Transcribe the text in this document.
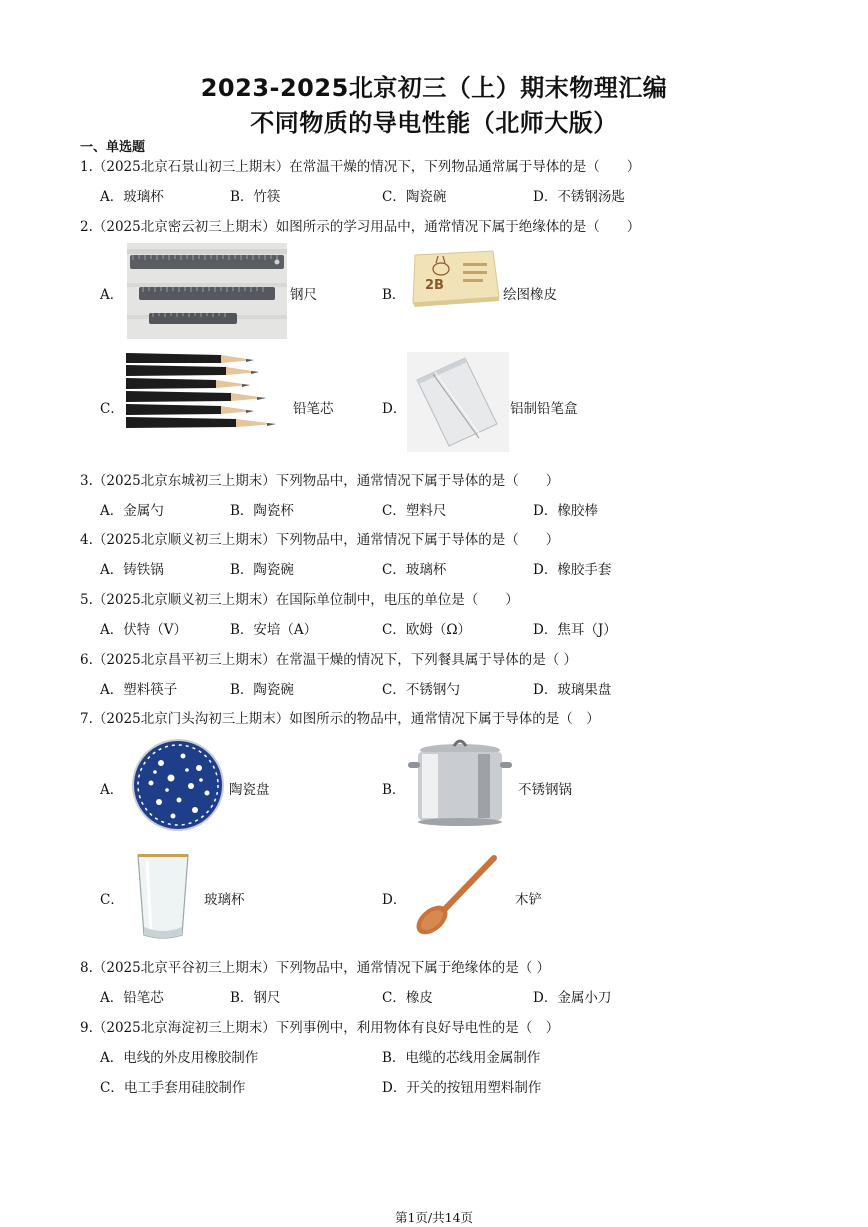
2023-2025北京初三（上）期末物理汇编
不同物质的导电性能（北师大版）
一、单选题
1.（2025北京石景山初三上期末）在常温干燥的情况下，下列物品通常属于导体的是（　　）
A．玻璃杯	B．竹筷	C．陶瓷碗	D．不锈钢汤匙
2.（2025北京密云初三上期末）如图所示的学习用品中，通常情况下属于绝缘体的是（　　）
A．	钢尺	B．
2B
绘图橡皮
C．	铅笔芯	D．	铝制铅笔盒
3.（2025北京东城初三上期末）下列物品中，通常情况下属于导体的是（　　）
A．金属勺	B．陶瓷杯	C．塑料尺	D．橡胶棒
4.（2025北京顺义初三上期末）下列物品中，通常情况下属于导体的是（　　）
A．铸铁锅	B．陶瓷碗	C．玻璃杯	D．橡胶手套
5.（2025北京顺义初三上期末）在国际单位制中，电压的单位是（　　）
A．伏特（V）	B．安培（A）	C．欧姆（Ω）	D．焦耳（J）
6.（2025北京昌平初三上期末）在常温干燥的情况下，下列餐具属于导体的是（ ）
A．塑料筷子	B．陶瓷碗	C．不锈钢勺	D．玻璃果盘
7.（2025北京门头沟初三上期末）如图所示的物品中，通常情况下属于导体的是（　）
A．	陶瓷盘	B．	不锈钢锅
C．	玻璃杯	D．	木铲
8.（2025北京平谷初三上期末）下列物品中，通常情况下属于绝缘体的是（ ）
A．铅笔芯	B．钢尺	C．橡皮	D．金属小刀
9.（2025北京海淀初三上期末）下列事例中，利用物体有良好导电性的是（　）
A．电线的外皮用橡胶制作	B．电缆的芯线用金属制作
C．电工手套用硅胶制作	D．开关的按钮用塑料制作
第1页/共14页
